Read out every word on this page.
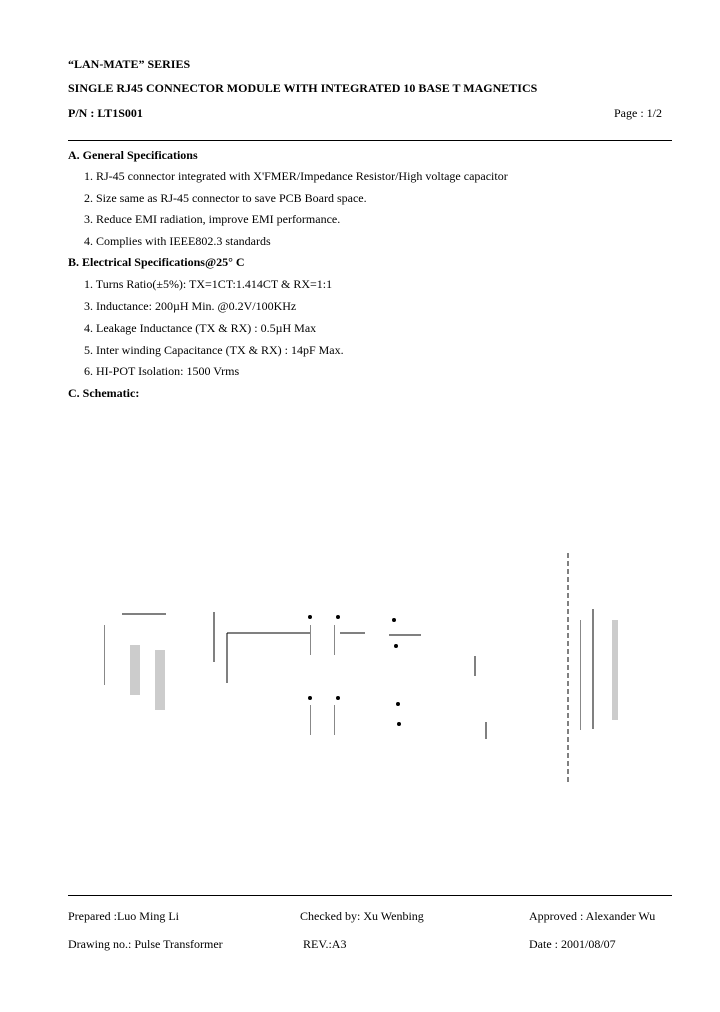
“LAN-MATE” SERIES
SINGLE RJ45 CONNECTOR MODULE WITH INTEGRATED 10 BASE T MAGNETICS
P/N : LT1S001	Page : 1/2
A. General Specifications
1. RJ-45 connector integrated with X'FMER/Impedance Resistor/High voltage capacitor
2. Size same as RJ-45 connector to save PCB Board space.
3. Reduce EMI radiation, improve EMI performance.
4. Complies with IEEE802.3 standards
B. Electrical Specifications@25° C
1. Turns Ratio(±5%): TX=1CT:1.414CT & RX=1:1
3. Inductance: 200µH Min. @0.2V/100KHz
4. Leakage Inductance (TX & RX) : 0.5µH Max
5. Inter winding Capacitance (TX & RX) : 14pF Max.
6. HI-POT Isolation: 1500 Vrms
C. Schematic:
Prepared :Luo Ming Li	Checked by: Xu Wenbing	Approved : Alexander Wu
Drawing no.: Pulse Transformer	REV.:A3	Date : 2001/08/07
